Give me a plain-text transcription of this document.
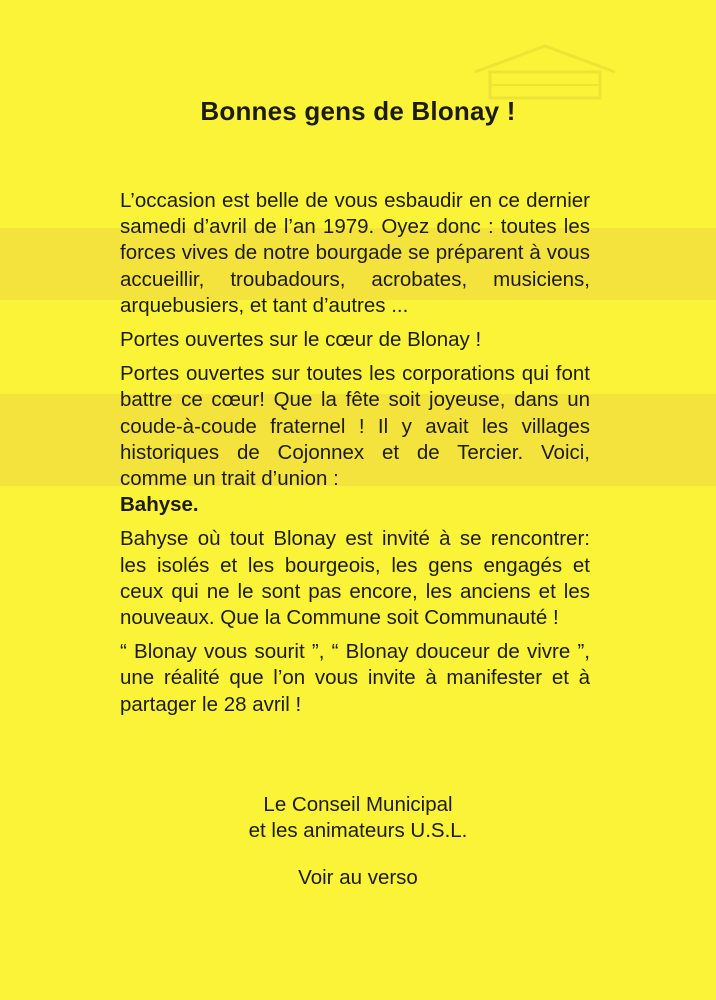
Bonnes gens de Blonay !

L’occasion est belle de vous esbaudir en ce dernier samedi d’avril de l’an 1979. Oyez donc : toutes les forces vives de notre bourgade se préparent à vous accueillir, troubadours, acrobates, musiciens, arquebusiers, et tant d’autres ...

Portes ouvertes sur le cœur de Blonay !

Portes ouvertes sur toutes les corporations qui font battre ce cœur! Que la fête soit joyeuse, dans un coude-à-coude fraternel ! Il y avait les villages historiques de Cojonnex et de Tercier. Voici, comme un trait d’union :

Bahyse.

Bahyse où tout Blonay est invité à se rencontrer: les isolés et les bourgeois, les gens engagés et ceux qui ne le sont pas encore, les anciens et les nouveaux. Que la Commune soit Communauté !

“ Blonay vous sourit ”, “ Blonay douceur de vivre ”, une réalité que l’on vous invite à manifester et à partager le 28 avril !

Le Conseil Municipal
et les animateurs U.S.L.
Voir au verso
